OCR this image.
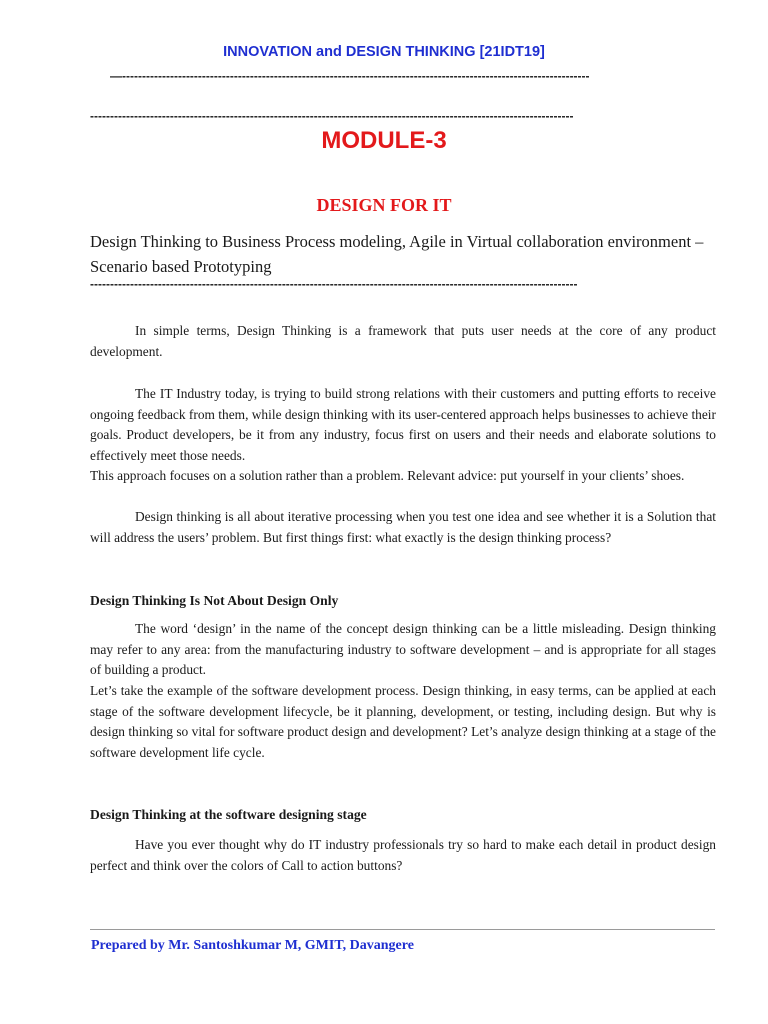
INNOVATION and DESIGN THINKING [21IDT19]
—---------------------------------------------------------------------------------------------------------------------
-------------------------------------------------------------------------------------------------------------------------
MODULE-3
DESIGN FOR IT
Design Thinking to Business Process modeling, Agile in Virtual collaboration environment – Scenario based Prototyping
--------------------------------------------------------------------------------------------------------------------------
In simple terms, Design Thinking is a framework that puts user needs at the core of any product development.
The IT Industry today, is trying to build strong relations with their customers and putting efforts to receive ongoing feedback from them, while design thinking with its user-centered approach helps businesses to achieve their goals. Product developers, be it from any industry, focus first on users and their needs and elaborate solutions to effectively meet those needs.
This approach focuses on a solution rather than a problem. Relevant advice: put yourself in your clients’ shoes.
Design thinking is all about iterative processing when you test one idea and see whether it is a Solution that will address the users’ problem. But first things first: what exactly is the design thinking process?
Design Thinking Is Not About Design Only
The word ‘design’ in the name of the concept design thinking can be a little misleading. Design thinking may refer to any area: from the manufacturing industry to software development – and is appropriate for all stages of building a product.
Let’s take the example of the software development process. Design thinking, in easy terms, can be applied at each stage of the software development lifecycle, be it planning, development, or testing, including design. But why is design thinking so vital for software product design and development? Let’s analyze design thinking at a stage of the software development life cycle.
Design Thinking at the software designing stage
Have you ever thought why do IT industry professionals try so hard to make each detail in product design perfect and think over the colors of Call to action buttons?
Prepared by Mr. Santoshkumar M, GMIT, Davangere
